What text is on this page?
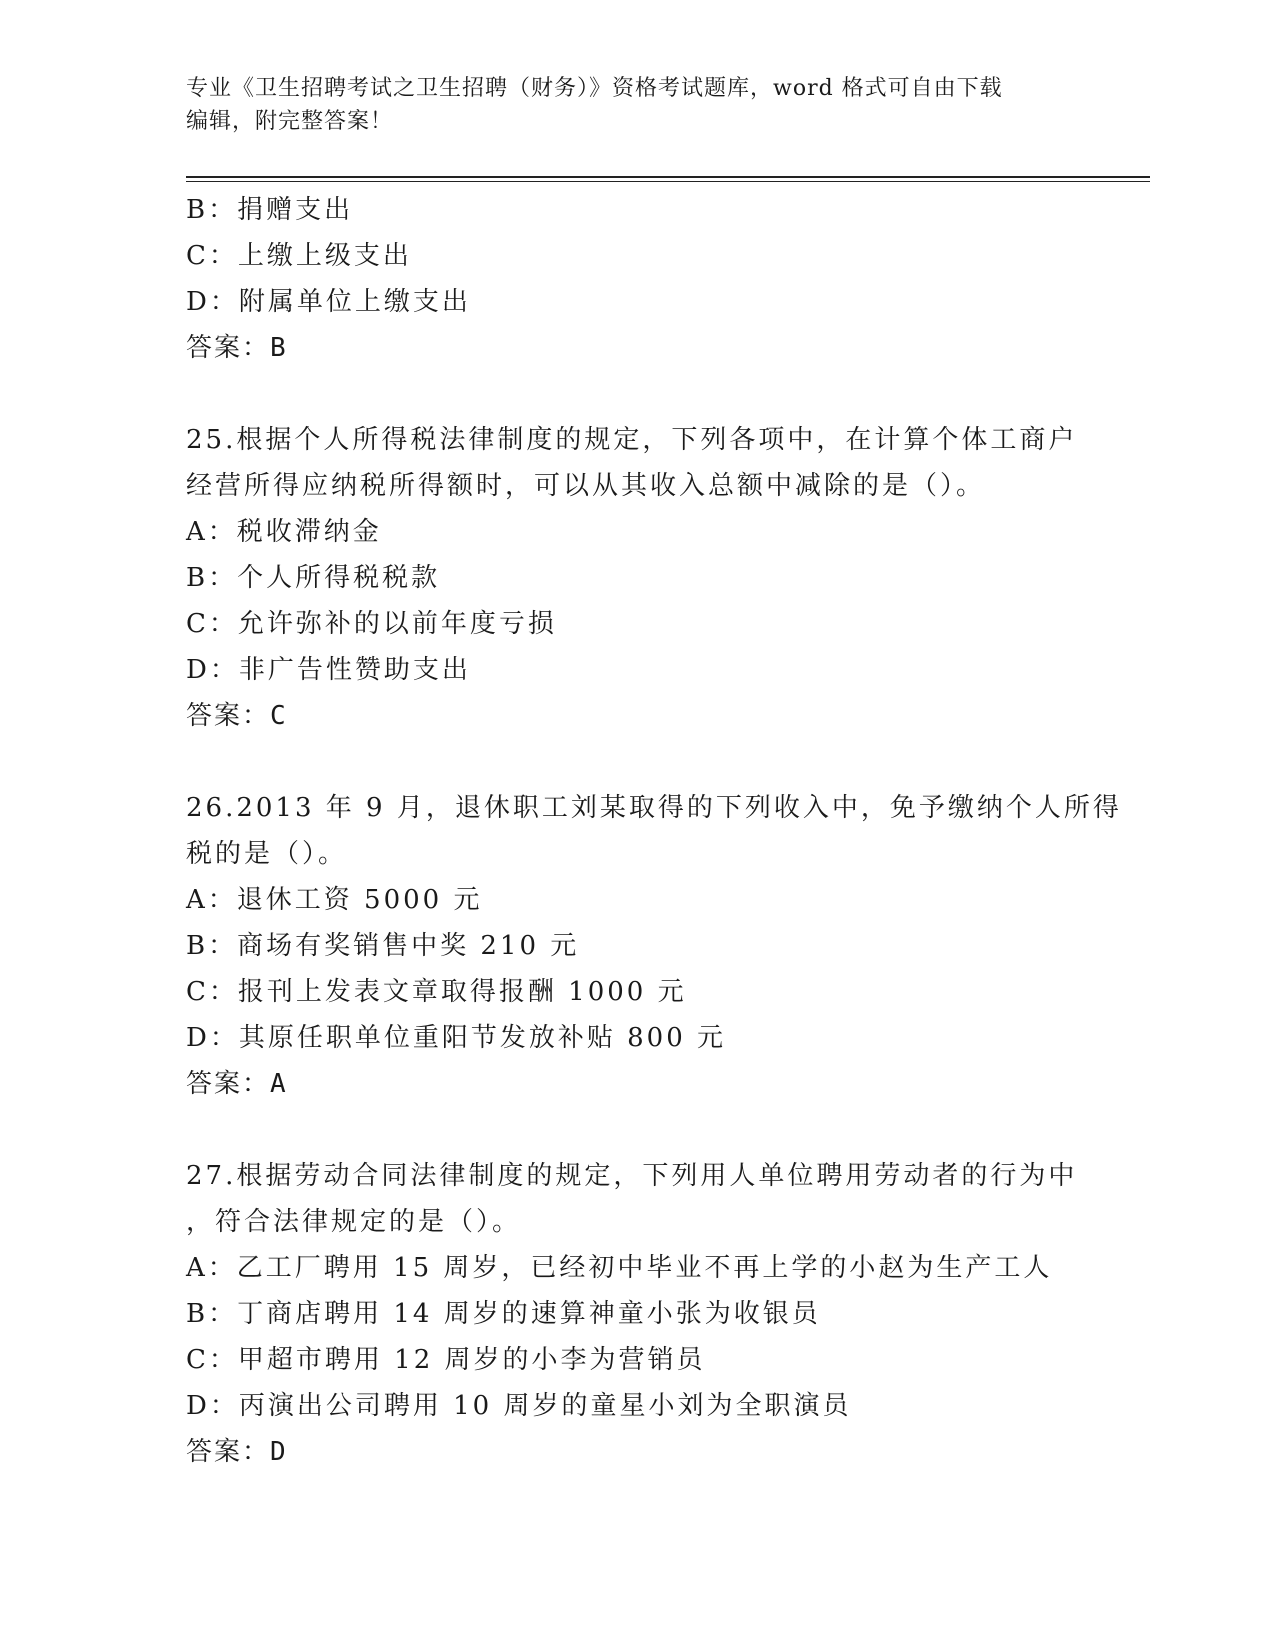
专业《卫生招聘考试之卫生招聘（财务）》资格考试题库，word 格式可自由下载
编辑，附完整答案！
B：捐赠支出
C：上缴上级支出
D：附属单位上缴支出
答案：B
25.根据个人所得税法律制度的规定，下列各项中，在计算个体工商户
经营所得应纳税所得额时，可以从其收入总额中减除的是（）。
A：税收滞纳金
B：个人所得税税款
C：允许弥补的以前年度亏损
D：非广告性赞助支出
答案：C
26.2013 年 9 月，退休职工刘某取得的下列收入中，免予缴纳个人所得
税的是（）。
A：退休工资 5000 元
B：商场有奖销售中奖 210 元
C：报刊上发表文章取得报酬 1000 元
D：其原任职单位重阳节发放补贴 800 元
答案：A
27.根据劳动合同法律制度的规定，下列用人单位聘用劳动者的行为中
，符合法律规定的是（）。
A：乙工厂聘用 15 周岁，已经初中毕业不再上学的小赵为生产工人
B：丁商店聘用 14 周岁的速算神童小张为收银员
C：甲超市聘用 12 周岁的小李为营销员
D：丙演出公司聘用 10 周岁的童星小刘为全职演员
答案：D
